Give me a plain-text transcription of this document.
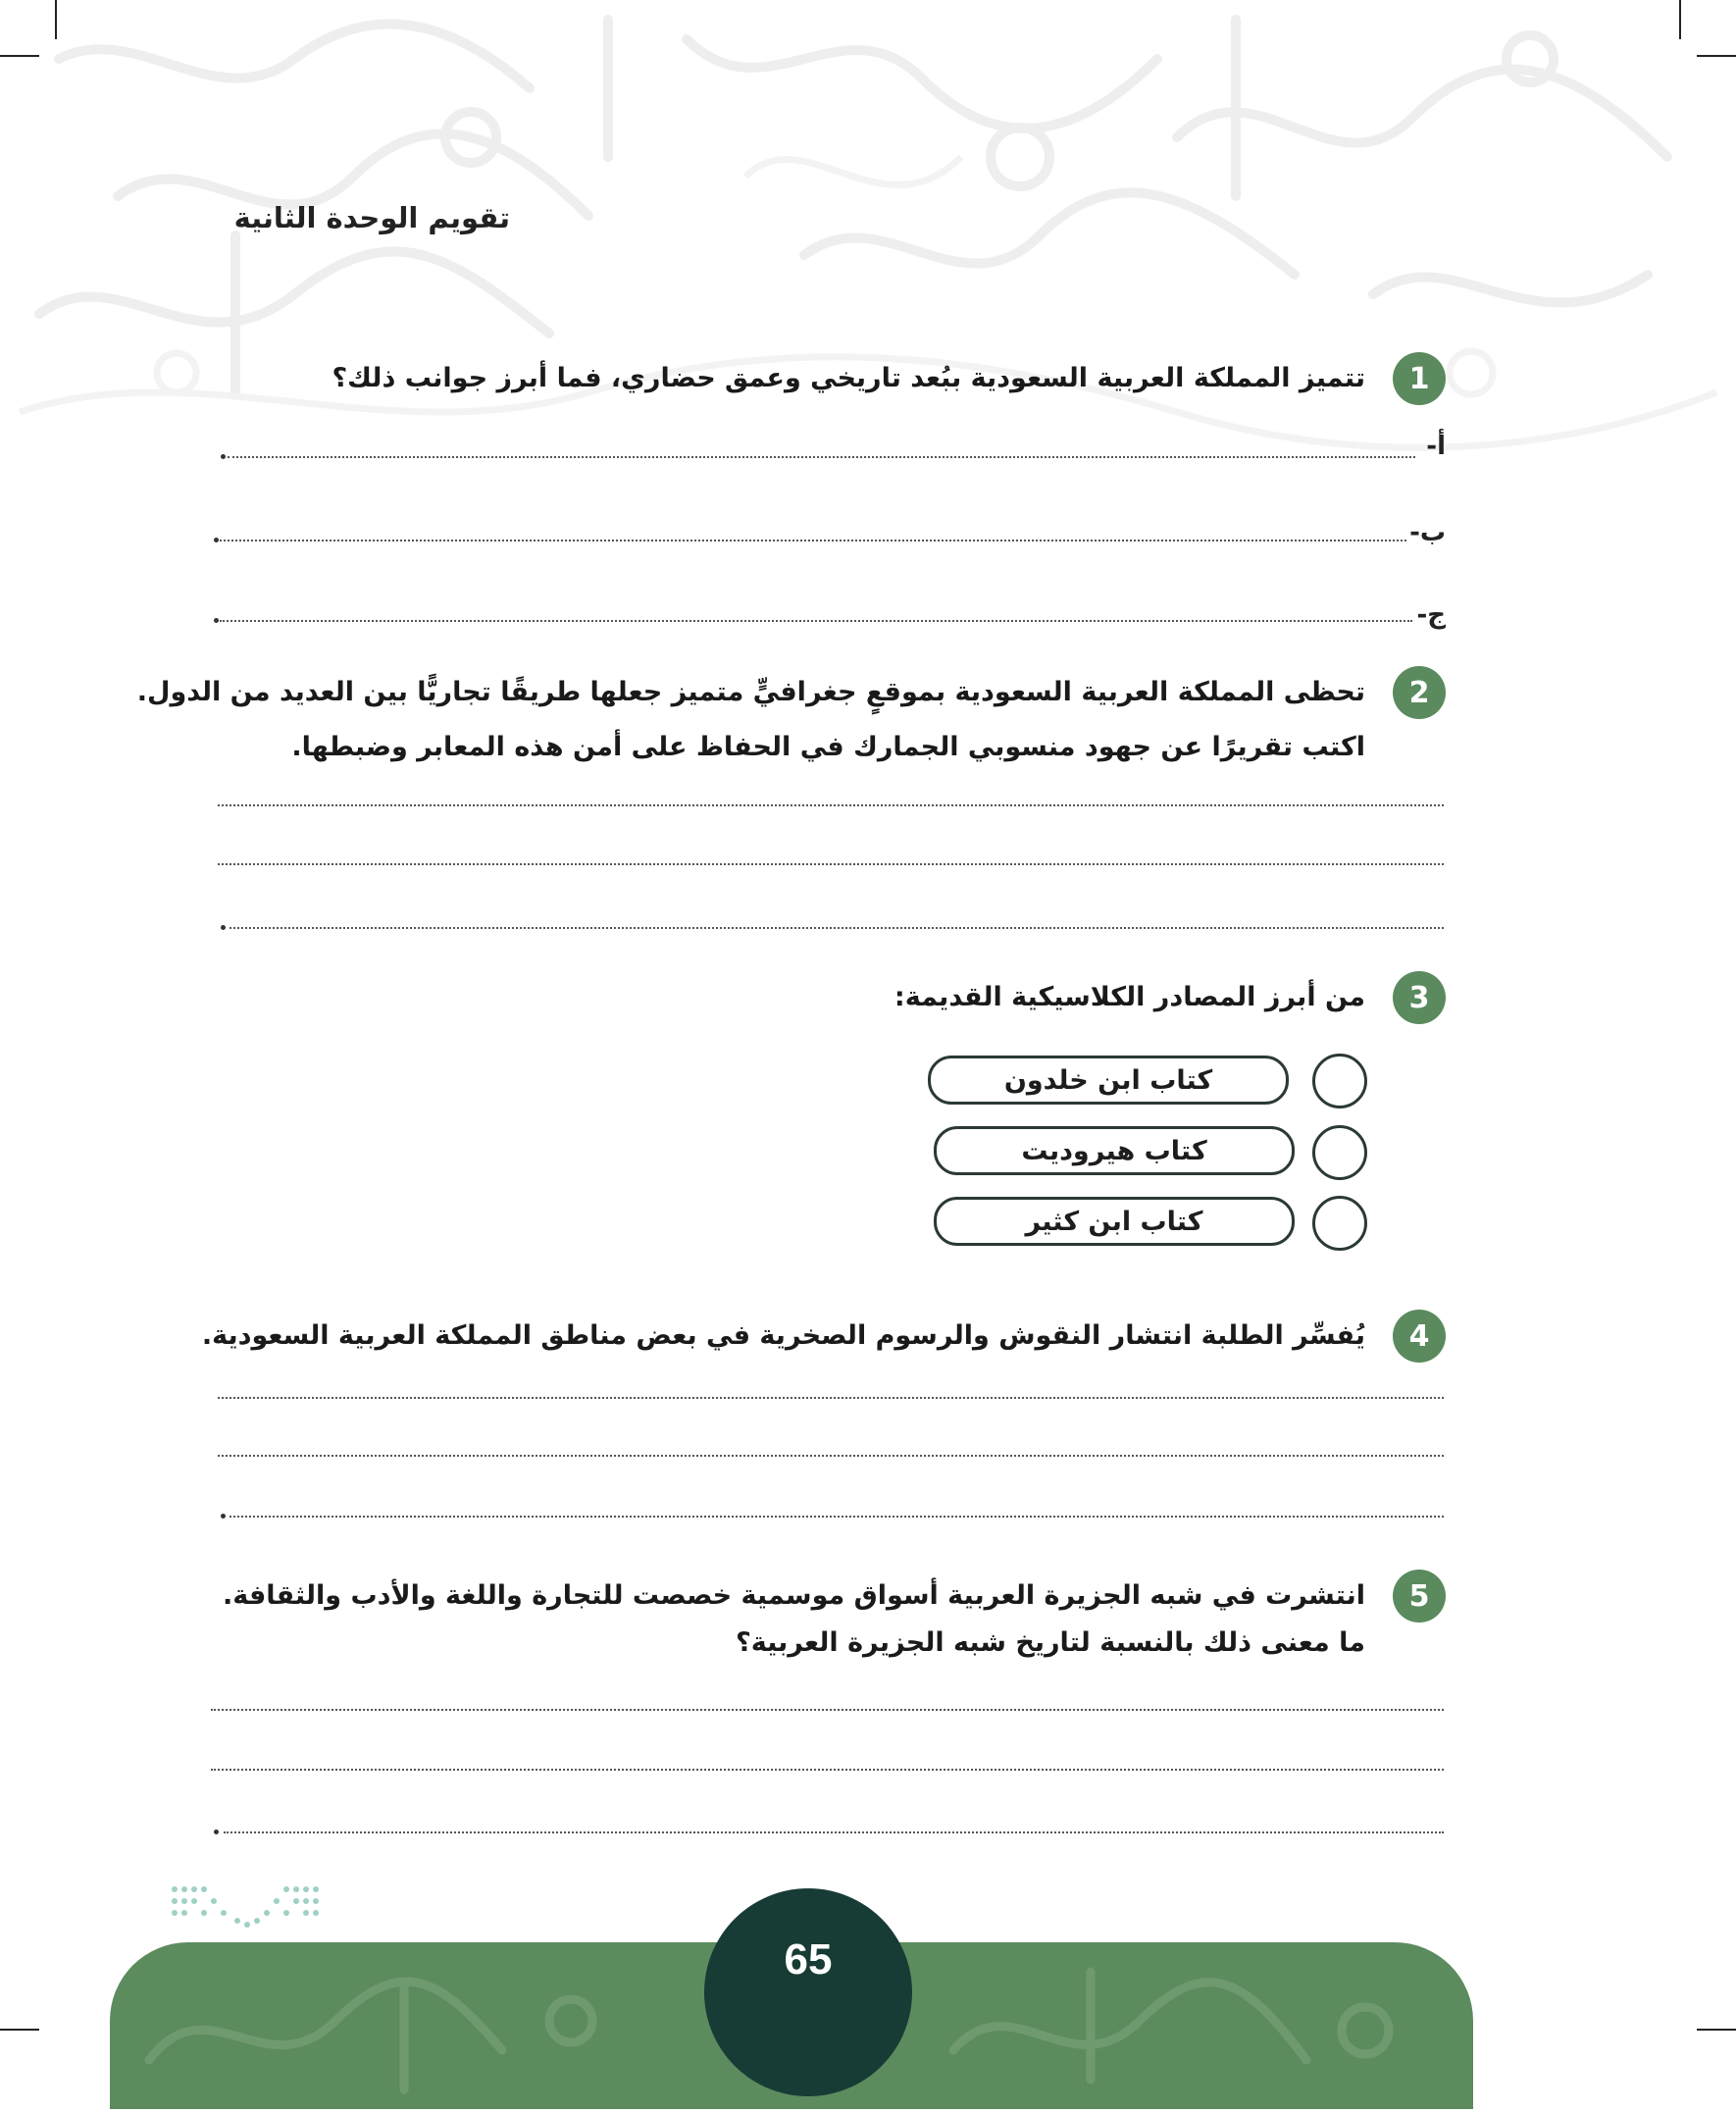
تقويم الوحدة الثانية
1
تتميز المملكة العربية السعودية ببُعد تاريخي وعمق حضاري، فما أبرز جوانب ذلك؟
أ-
ب-
ج-
2
تحظى المملكة العربية السعودية بموقعٍ جغرافيٍّ متميز جعلها طريقًا تجاريًّا بين العديد من الدول.
اكتب تقريرًا عن جهود منسوبي الجمارك في الحفاظ على أمن هذه المعابر وضبطها.
3
من أبرز المصادر الكلاسيكية القديمة:
كتاب ابن خلدون
كتاب هيروديت
كتاب ابن كثير
4
يُفسِّر الطلبة انتشار النقوش والرسوم الصخرية في بعض مناطق المملكة العربية السعودية.
5
انتشرت في شبه الجزيرة العربية أسواق موسمية خصصت للتجارة واللغة والأدب والثقافة.
ما معنى ذلك بالنسبة لتاريخ شبه الجزيرة العربية؟
65
